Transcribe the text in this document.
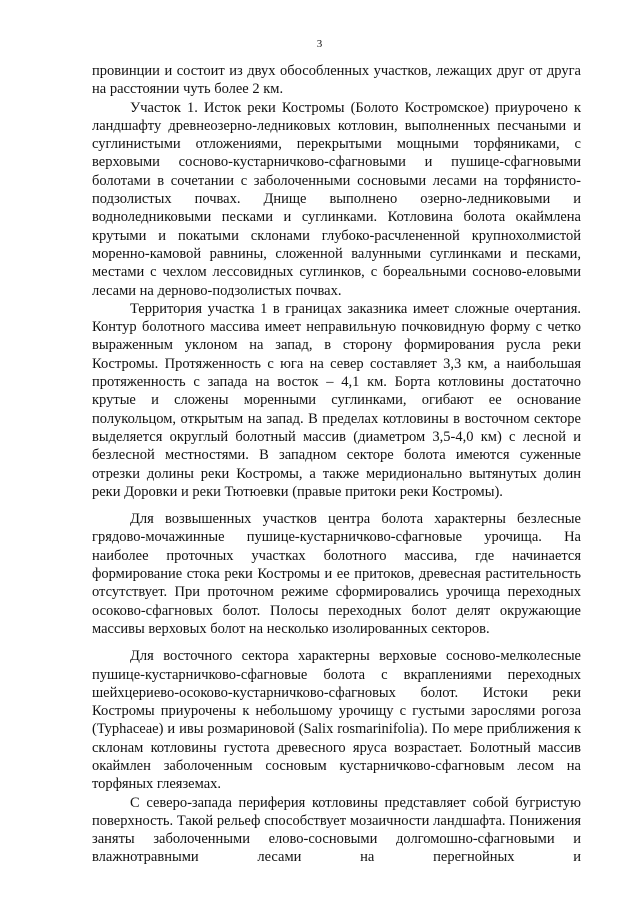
3

провинции и состоит из двух обособленных участков, лежащих друг от друга на расстоянии чуть более 2 км.

Участок 1. Исток реки Костромы (Болото Костромское) приурочено к ландшафту древнеозерно-ледниковых котловин, выполненных песчаными и суглинистыми отложениями, перекрытыми мощными торфяниками, с верховыми сосново-кустарничково-сфагновыми и пушице-сфагновыми болотами в сочетании с заболоченными сосновыми лесами на торфянисто-подзолистых почвах. Днище выполнено озерно-ледниковыми и водноледниковыми песками и суглинками. Котловина болота окаймлена крутыми и покатыми склонами глубоко-расчлененной крупнохолмистой моренно-камовой равнины, сложенной валунными суглинками и песками, местами с чехлом лессовидных суглинков, с бореальными сосново-еловыми лесами на дерново-подзолистых почвах.

Территория участка 1 в границах заказника имеет сложные очертания. Контур болотного массива имеет неправильную почковидную форму с четко выраженным уклоном на запад, в сторону формирования русла реки Костромы. Протяженность с юга на север составляет 3,3 км, а наибольшая протяженность с запада на восток – 4,1 км. Борта котловины достаточно крутые и сложены моренными суглинками, огибают ее основание полукольцом, открытым на запад. В пределах котловины в восточном секторе выделяется округлый болотный массив (диаметром 3,5-4,0 км) с лесной и безлесной местностями. В западном секторе болота имеются суженные отрезки долины реки Костромы, а также меридионально вытянутых долин реки Доровки и реки Тютюевки (правые притоки реки Костромы).

Для возвышенных участков центра болота характерны безлесные грядово-мочажинные пушице-кустарничково-сфагновые урочища. На наиболее проточных участках болотного массива, где начинается формирование стока реки Костромы и ее притоков, древесная растительность отсутствует. При проточном режиме сформировались урочища переходных осоково-сфагновых болот. Полосы переходных болот делят окружающие массивы верховых болот на несколько изолированных секторов.

Для восточного сектора характерны верховые сосново-мелколесные пушице-кустарничково-сфагновые болота с вкраплениями переходных шейхцериево-осоково-кустарничково-сфагновых болот. Истоки реки Костромы приурочены к небольшому урочищу с густыми зарослями рогоза (Typhaceae) и ивы розмариновой (Salix rosmarinifolia). По мере приближения к склонам котловины густота древесного яруса возрастает. Болотный массив окаймлен заболоченным сосновым кустарничково-сфагновым лесом на торфяных глеяземах.

С северо-запада периферия котловины представляет собой бугристую поверхность. Такой рельеф способствует мозаичности ландшафта. Понижения заняты заболоченными елово-сосновыми долгомошно-сфагновыми и влажнотравными лесами на перегнойных и
